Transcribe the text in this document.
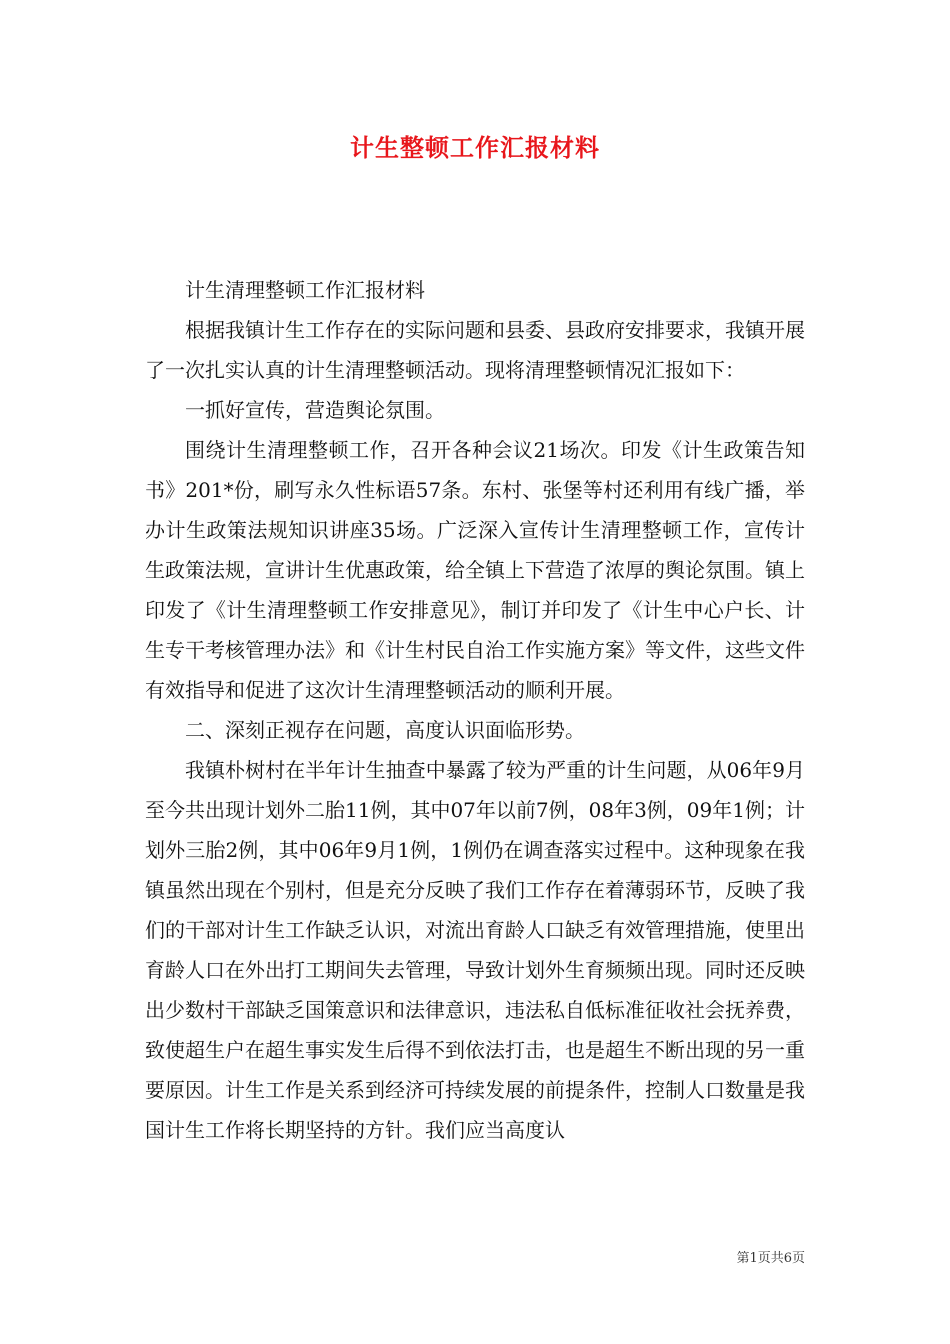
计生整顿工作汇报材料

计生清理整顿工作汇报材料

根据我镇计生工作存在的实际问题和县委、县政府安排要求，我镇开展了一次扎实认真的计生清理整顿活动。现将清理整顿情况汇报如下：

一抓好宣传，营造舆论氛围。

围绕计生清理整顿工作，召开各种会议21场次。印发《计生政策告知书》201*份，刷写永久性标语57条。东村、张堡等村还利用有线广播，举办计生政策法规知识讲座35场。广泛深入宣传计生清理整顿工作，宣传计生政策法规，宣讲计生优惠政策，给全镇上下营造了浓厚的舆论氛围。镇上印发了《计生清理整顿工作安排意见》，制订并印发了《计生中心户长、计生专干考核管理办法》和《计生村民自治工作实施方案》等文件，这些文件有效指导和促进了这次计生清理整顿活动的顺利开展。

二、深刻正视存在问题，高度认识面临形势。

我镇朴树村在半年计生抽查中暴露了较为严重的计生问题，从06年9月至今共出现计划外二胎11例，其中07年以前7例，08年3例，09年1例；计划外三胎2例，其中06年9月1例，1例仍在调查落实过程中。这种现象在我镇虽然出现在个别村，但是充分反映了我们工作存在着薄弱环节，反映了我们的干部对计生工作缺乏认识，对流出育龄人口缺乏有效管理措施，使里出育龄人口在外出打工期间失去管理，导致计划外生育频频出现。同时还反映出少数村干部缺乏国策意识和法律意识，违法私自低标准征收社会抚养费，致使超生户在超生事实发生后得不到依法打击，也是超生不断出现的另一重要原因。计生工作是关系到经济可持续发展的前提条件，控制人口数量是我国计生工作将长期坚持的方针。我们应当高度认

第1页共6页
